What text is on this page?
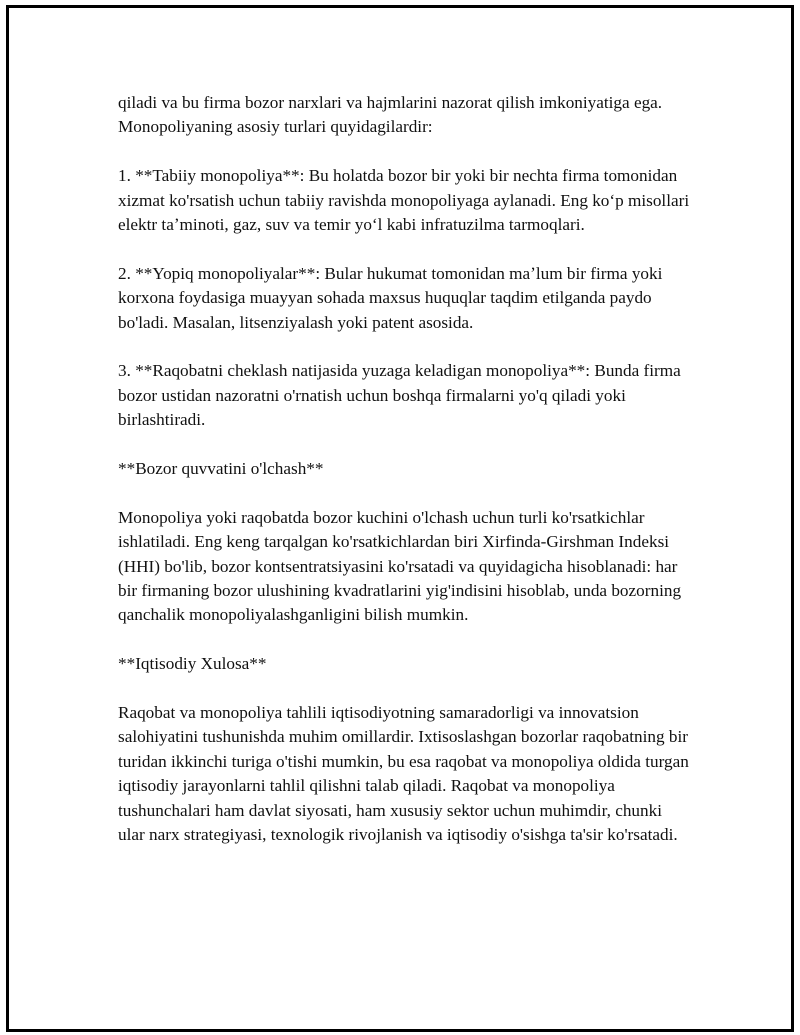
qiladi va bu firma bozor narxlari va hajmlarini nazorat qilish imkoniyatiga ega. Monopoliyaning asosiy turlari quyidagilardir:

1. **Tabiiy monopoliya**: Bu holatda bozor bir yoki bir nechta firma tomonidan xizmat ko'rsatish uchun tabiiy ravishda monopoliyaga aylanadi. Eng koʻp misollari elektr taʼminoti, gaz, suv va temir yoʻl kabi infratuzilma tarmoqlari.

2. **Yopiq monopoliyalar**: Bular hukumat tomonidan maʼlum bir firma yoki korxona foydasiga muayyan sohada maxsus huquqlar taqdim etilganda paydo bo'ladi. Masalan, litsenziyalash yoki patent asosida.

3. **Raqobatni cheklash natijasida yuzaga keladigan monopoliya**: Bunda firma bozor ustidan nazoratni o'rnatish uchun boshqa firmalarni yo'q qiladi yoki birlashtiradi.

**Bozor quvvatini o'lchash**

Monopoliya yoki raqobatda bozor kuchini o'lchash uchun turli ko'rsatkichlar ishlatiladi. Eng keng tarqalgan ko'rsatkichlardan biri Xirfinda-Girshman Indeksi (HHI) bo'lib, bozor kontsentratsiyasini ko'rsatadi va quyidagicha hisoblanadi: har bir firmaning bozor ulushining kvadratlarini yig'indisini hisoblab, unda bozorning qanchalik monopoliyalashganligini bilish mumkin.

**Iqtisodiy Xulosa**

Raqobat va monopoliya tahlili iqtisodiyotning samaradorligi va innovatsion salohiyatini tushunishda muhim omillardir. Ixtisoslashgan bozorlar raqobatning bir turidan ikkinchi turiga o'tishi mumkin, bu esa raqobat va monopoliya oldida turgan iqtisodiy jarayonlarni tahlil qilishni talab qiladi. Raqobat va monopoliya tushunchalari ham davlat siyosati, ham xususiy sektor uchun muhimdir, chunki ular narx strategiyasi, texnologik rivojlanish va iqtisodiy o'sishga ta'sir ko'rsatadi.
